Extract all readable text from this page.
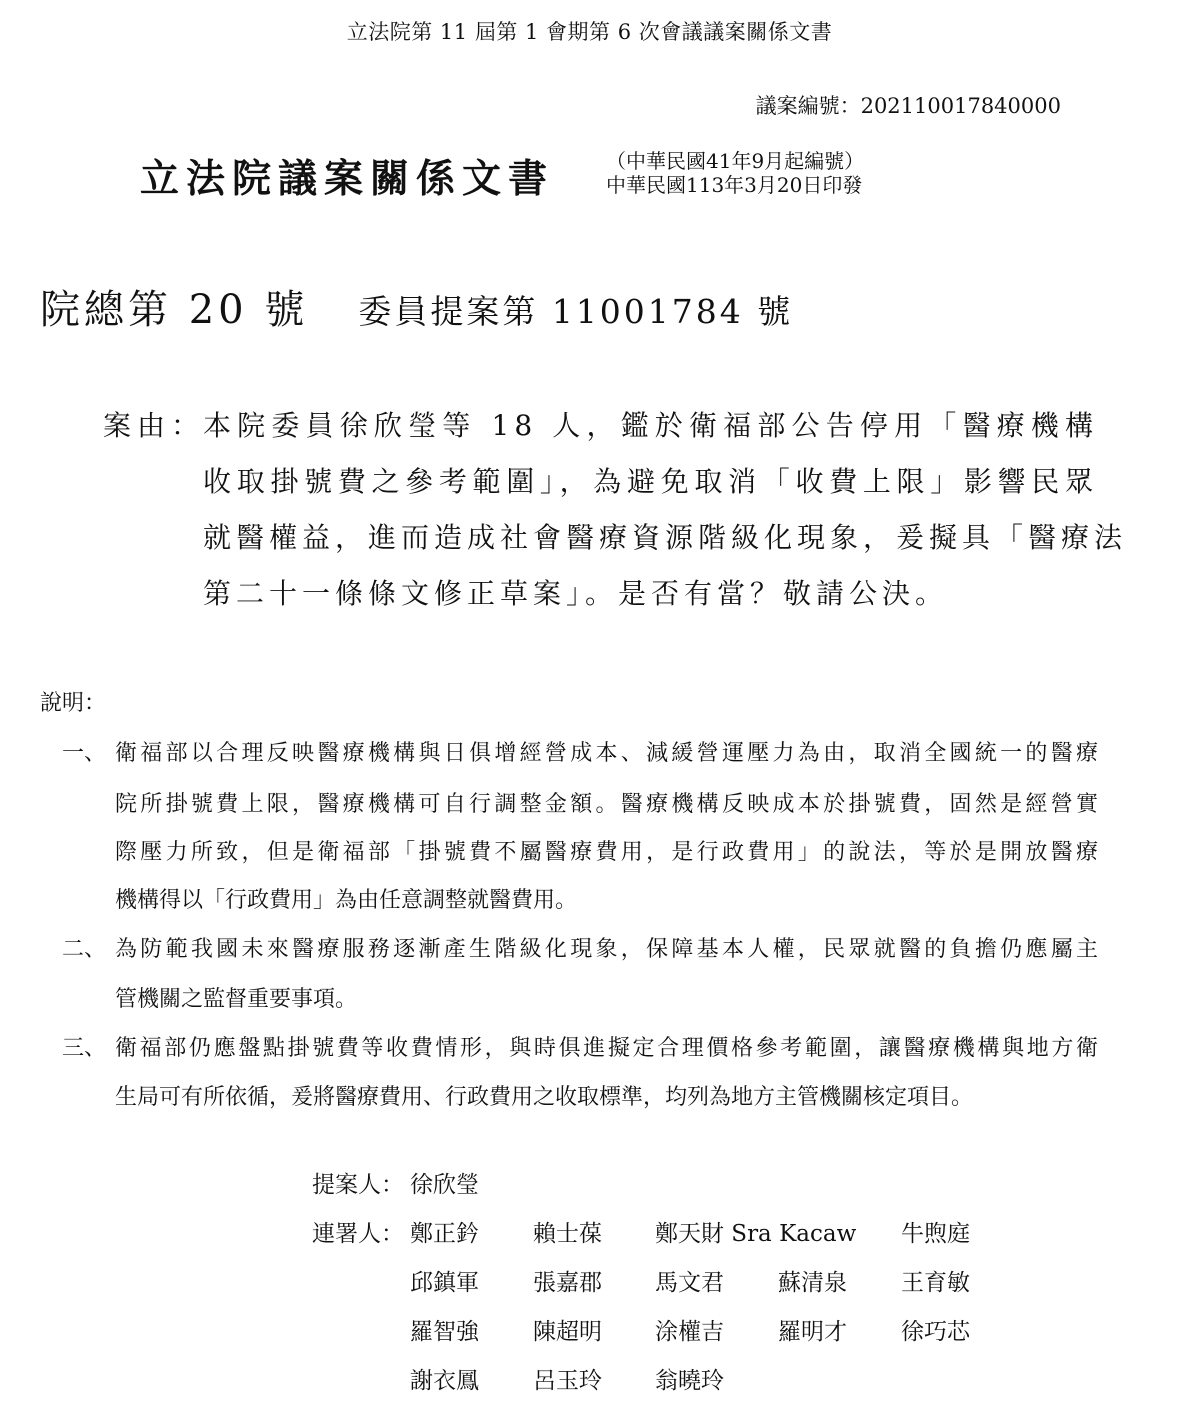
立法院第 11 屆第 1 會期第 6 次會議議案關係文書
議案編號：202110017840000
立法院議案關係文書	（中華民國41年9月起編號）
中華民國113年3月20日印發
院總第 20 號 委員提案第 11001784 號
案由：
本院委員徐欣瑩等 18 人，鑑於衛福部公告停用「醫療機構
收取掛號費之參考範圍」，為避免取消「收費上限」影響民眾
就醫權益，進而造成社會醫療資源階級化現象，爰擬具「醫療法
第二十一條條文修正草案」。是否有當？敬請公決。
說明：
一、 衛福部以合理反映醫療機構與日俱增經營成本、減緩營運壓力為由，取消全國統一的醫療
院所掛號費上限，醫療機構可自行調整金額。醫療機構反映成本於掛號費，固然是經營實
際壓力所致，但是衛福部「掛號費不屬醫療費用，是行政費用」的說法，等於是開放醫療
機構得以「行政費用」為由任意調整就醫費用。
二、 為防範我國未來醫療服務逐漸產生階級化現象，保障基本人權，民眾就醫的負擔仍應屬主
管機關之監督重要事項。
三、 衛福部仍應盤點掛號費等收費情形，與時俱進擬定合理價格參考範圍，讓醫療機構與地方衛
生局可有所依循，爰將醫療費用、行政費用之收取標準，均列為地方主管機關核定項目。
提案人： 徐欣瑩
連署人： 鄭正鈐 賴士葆 鄭天財 Sra Kacaw 牛煦庭
邱鎮軍 張嘉郡 馬文君 蘇清泉 王育敏
羅智強 陳超明 涂權吉 羅明才 徐巧芯
謝衣鳳 呂玉玲 翁曉玲
